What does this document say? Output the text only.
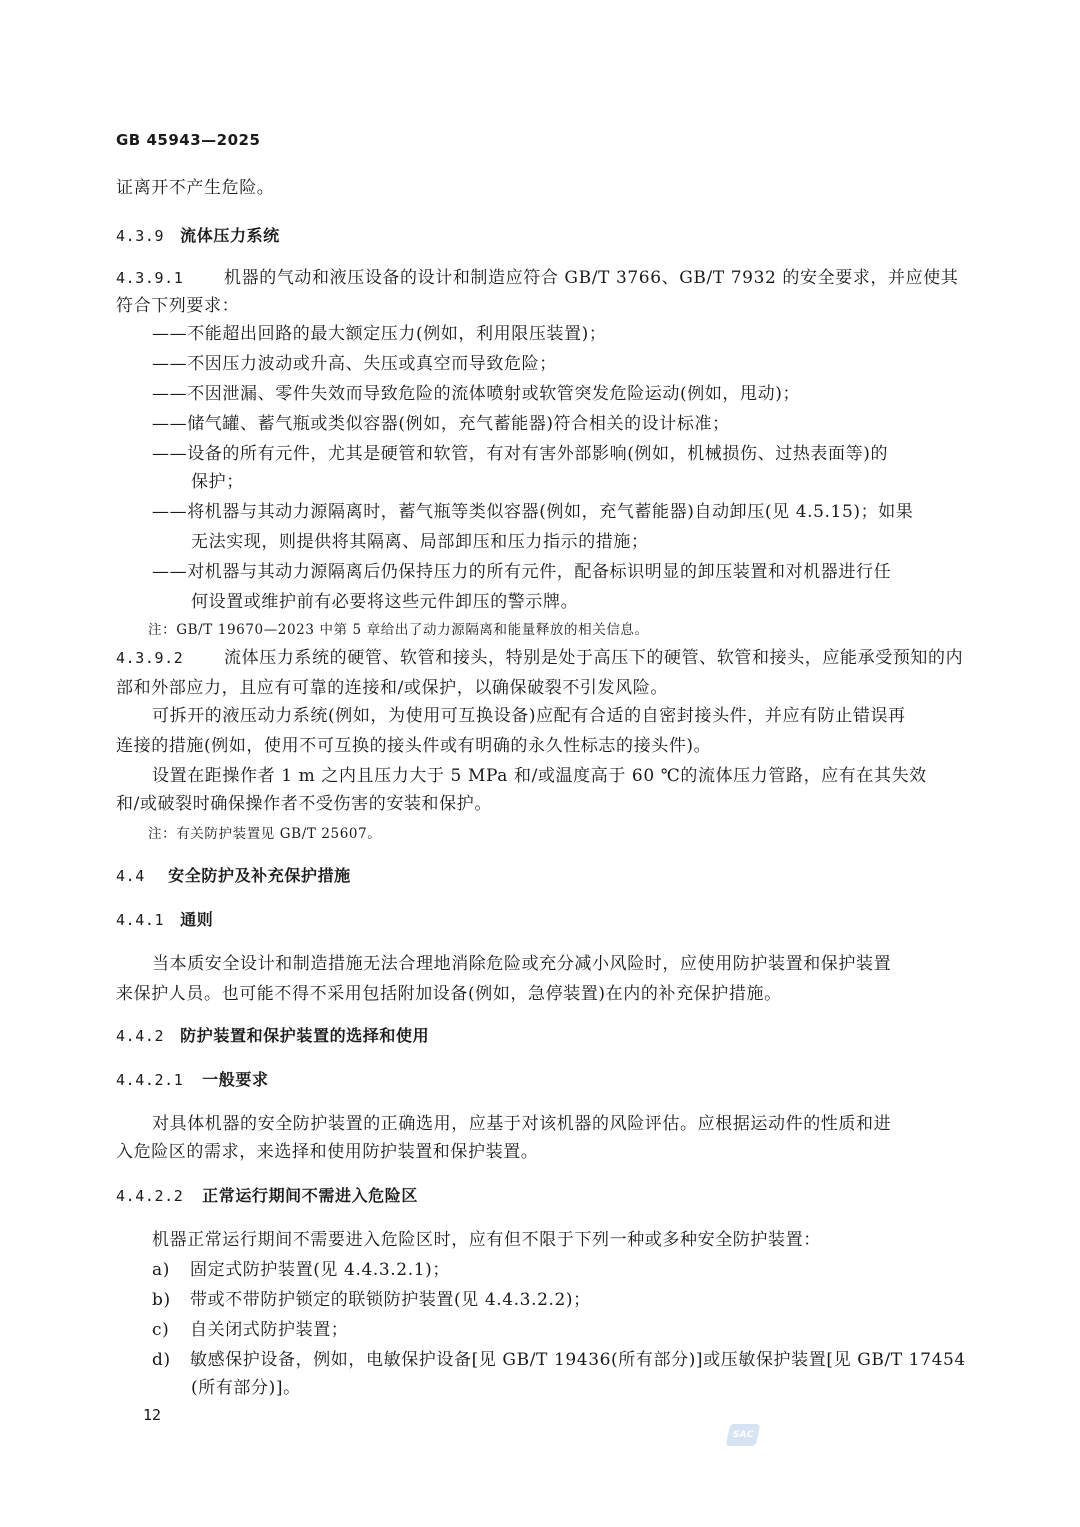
GB 45943—2025
证离开不产生危险。
4.3.9 流体压力系统
4.3.9.1 机器的气动和液压设备的设计和制造应符合 GB/T 3766、GB/T 7932 的安全要求，并应使其
符合下列要求：
——不能超出回路的最大额定压力(例如，利用限压装置)；
——不因压力波动或升高、失压或真空而导致危险；
——不因泄漏、零件失效而导致危险的流体喷射或软管突发危险运动(例如，甩动)；
——储气罐、蓄气瓶或类似容器(例如，充气蓄能器)符合相关的设计标准；
——设备的所有元件，尤其是硬管和软管，有对有害外部影响(例如，机械损伤、过热表面等)的
保护；
——将机器与其动力源隔离时，蓄气瓶等类似容器(例如，充气蓄能器)自动卸压(见 4.5.15)；如果
无法实现，则提供将其隔离、局部卸压和压力指示的措施；
——对机器与其动力源隔离后仍保持压力的所有元件，配备标识明显的卸压装置和对机器进行任
何设置或维护前有必要将这些元件卸压的警示牌。
注：GB/T 19670—2023 中第 5 章给出了动力源隔离和能量释放的相关信息。
4.3.9.2 流体压力系统的硬管、软管和接头，特别是处于高压下的硬管、软管和接头，应能承受预知的内
部和外部应力，且应有可靠的连接和/或保护，以确保破裂不引发风险。
可拆开的液压动力系统(例如，为使用可互换设备)应配有合适的自密封接头件，并应有防止错误再
连接的措施(例如，使用不可互换的接头件或有明确的永久性标志的接头件)。
设置在距操作者 1 m 之内且压力大于 5 MPa 和/或温度高于 60 ℃的流体压力管路，应有在其失效
和/或破裂时确保操作者不受伤害的安装和保护。
注：有关防护装置见 GB/T 25607。
4.4 安全防护及补充保护措施
4.4.1 通则
当本质安全设计和制造措施无法合理地消除危险或充分减小风险时，应使用防护装置和保护装置
来保护人员。也可能不得不采用包括附加设备(例如，急停装置)在内的补充保护措施。
4.4.2 防护装置和保护装置的选择和使用
4.4.2.1 一般要求
对具体机器的安全防护装置的正确选用，应基于对该机器的风险评估。应根据运动件的性质和进
入危险区的需求，来选择和使用防护装置和保护装置。
4.4.2.2 正常运行期间不需进入危险区
机器正常运行期间不需要进入危险区时，应有但不限于下列一种或多种安全防护装置：
a) 固定式防护装置(见 4.4.3.2.1)；
b) 带或不带防护锁定的联锁防护装置(见 4.4.3.2.2)；
c) 自关闭式防护装置；
d) 敏感保护设备，例如，电敏保护设备[见 GB/T 19436(所有部分)]或压敏保护装置[见 GB/T 17454
(所有部分)]。
12
SAC
